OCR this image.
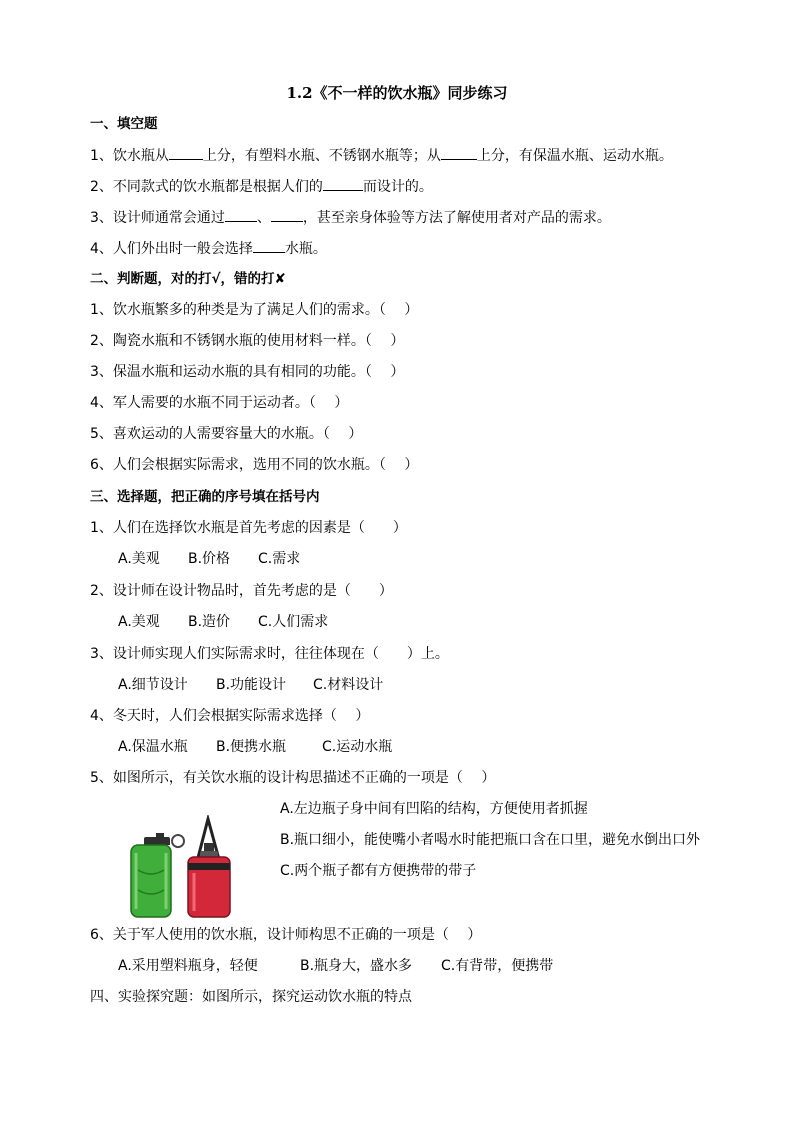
1.2《不一样的饮水瓶》同步练习
一、填空题
1、饮水瓶从 上分，有塑料水瓶、不锈钢水瓶等；从	上分，有保温水瓶、运动水瓶。
2、不同款式的饮水瓶都是根据人们的	而设计的。
3、设计师通常会通过 、 ，甚至亲身体验等方法了解使用者对产品的需求。
4、人们外出时一般会选择 水瓶。
二、判断题，对的打√，错的打✘
1、饮水瓶繁多的种类是为了满足人们的需求。（　 ）
2、陶瓷水瓶和不锈钢水瓶的使用材料一样。（　 ）
3、保温水瓶和运动水瓶的具有相同的功能。（　 ）
4、军人需要的水瓶不同于运动者。（　 ）
5、喜欢运动的人需要容量大的水瓶。（　 ）
6、人们会根据实际需求，选用不同的饮水瓶。（　 ）
三、选择题，把正确的序号填在括号内
1、人们在选择饮水瓶是首先考虑的因素是（　　）
A.美观 B.价格 C.需求
2、设计师在设计物品时，首先考虑的是（　　）
A.美观 B.造价 C.人们需求
3、设计师实现人们实际需求时，往往体现在（　　）上。
A.细节设计 B.功能设计 C.材料设计
4、冬天时，人们会根据实际需求选择（　 ）
A.保温水瓶 B.便携水瓶	C.运动水瓶
5、如图所示，有关饮水瓶的设计构思描述不正确的一项是（　 ）
A.左边瓶子身中间有凹陷的结构，方便使用者抓握
B.瓶口细小，能使嘴小者喝水时能把瓶口含在口里，避免水倒出口外
C.两个瓶子都有方便携带的带子
6、关于军人使用的饮水瓶，设计师构思不正确的一项是（　 ）
A.采用塑料瓶身，轻便	B.瓶身大，盛水多 C.有背带，便携带
四、实验探究题：如图所示，探究运动饮水瓶的特点
